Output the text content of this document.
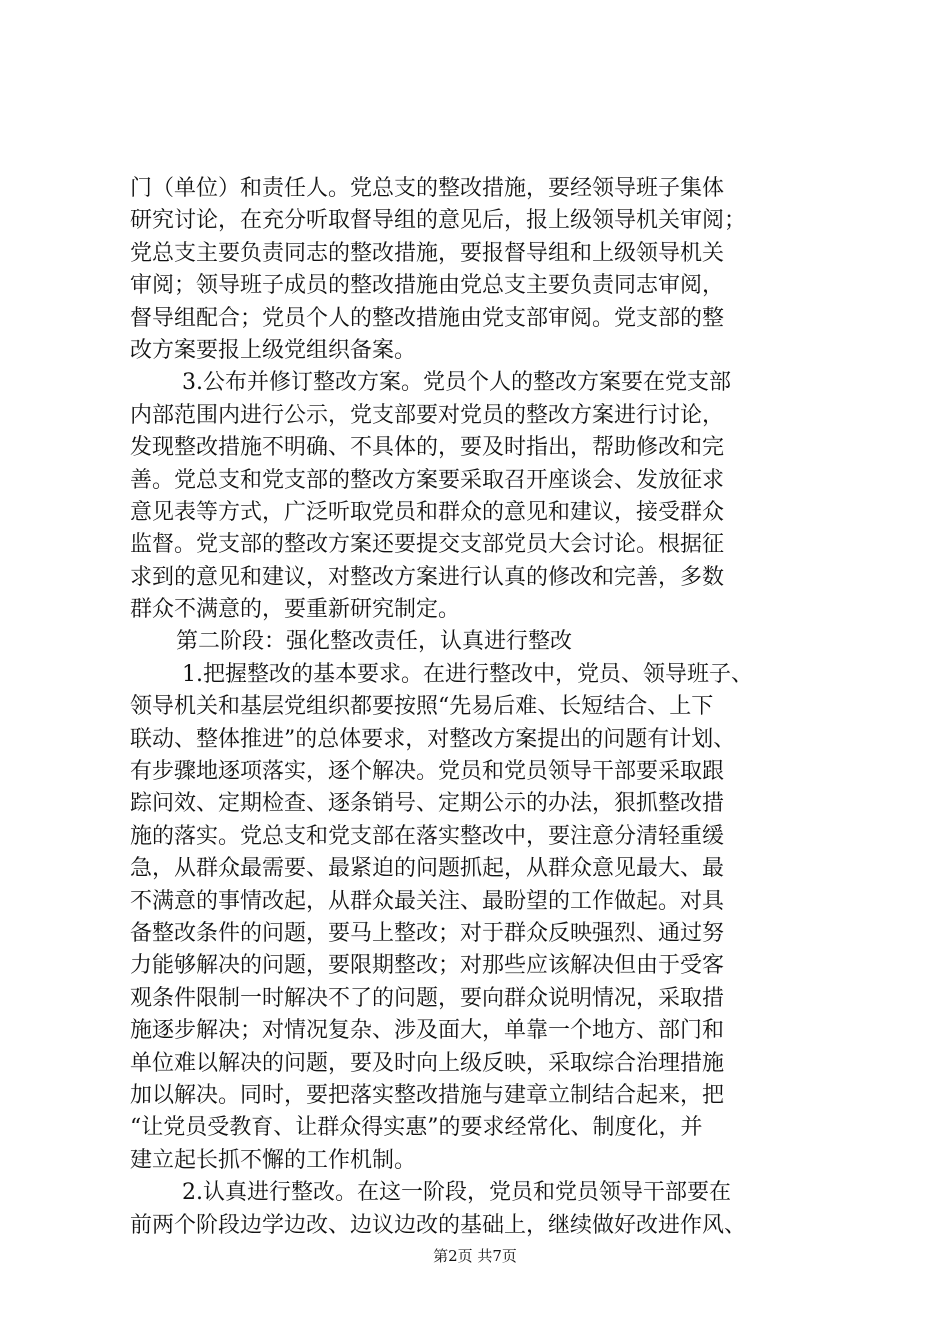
门（单位）和责任人。党总支的整改措施，要经领导班子集体
研究讨论，在充分听取督导组的意见后，报上级领导机关审阅；
党总支主要负责同志的整改措施，要报督导组和上级领导机关
审阅；领导班子成员的整改措施由党总支主要负责同志审阅，
督导组配合；党员个人的整改措施由党支部审阅。党支部的整
改方案要报上级党组织备案。
3.公布并修订整改方案。党员个人的整改方案要在党支部
内部范围内进行公示，党支部要对党员的整改方案进行讨论，
发现整改措施不明确、不具体的，要及时指出，帮助修改和完
善。党总支和党支部的整改方案要采取召开座谈会、发放征求
意见表等方式，广泛听取党员和群众的意见和建议，接受群众
监督。党支部的整改方案还要提交支部党员大会讨论。根据征
求到的意见和建议，对整改方案进行认真的修改和完善，多数
群众不满意的，要重新研究制定。
第二阶段：强化整改责任，认真进行整改
1.把握整改的基本要求。在进行整改中，党员、领导班子、
领导机关和基层党组织都要按照“先易后难、长短结合、上下
联动、整体推进”的总体要求，对整改方案提出的问题有计划、
有步骤地逐项落实，逐个解决。党员和党员领导干部要采取跟
踪问效、定期检查、逐条销号、定期公示的办法，狠抓整改措
施的落实。党总支和党支部在落实整改中，要注意分清轻重缓
急，从群众最需要、最紧迫的问题抓起，从群众意见最大、最
不满意的事情改起，从群众最关注、最盼望的工作做起。对具
备整改条件的问题，要马上整改；对于群众反映强烈、通过努
力能够解决的问题，要限期整改；对那些应该解决但由于受客
观条件限制一时解决不了的问题，要向群众说明情况，采取措
施逐步解决；对情况复杂、涉及面大，单靠一个地方、部门和
单位难以解决的问题，要及时向上级反映，采取综合治理措施
加以解决。同时，要把落实整改措施与建章立制结合起来，把
“让党员受教育、让群众得实惠”的要求经常化、制度化，并
建立起长抓不懈的工作机制。
2.认真进行整改。在这一阶段，党员和党员领导干部要在
前两个阶段边学边改、边议边改的基础上，继续做好改进作风、
第2页 共7页
